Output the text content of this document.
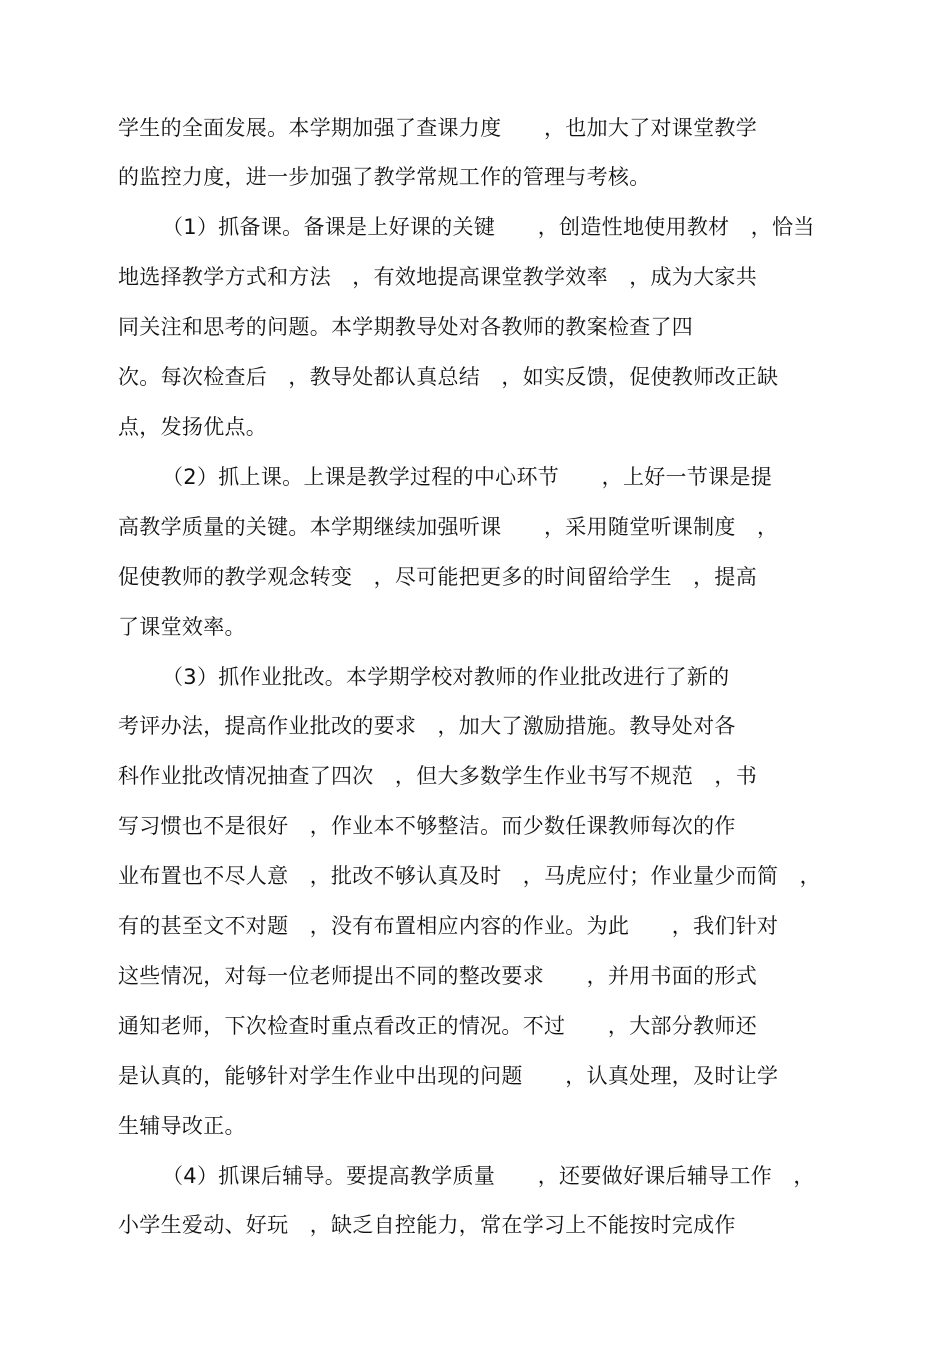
学生的全面发展。本学期加强了查课力度　　，也加大了对课堂教学
的监控力度，进一步加强了教学常规工作的管理与考核。
（1）抓备课。备课是上好课的关键　　，创造性地使用教材　，恰当
地选择教学方式和方法　，有效地提高课堂教学效率　，成为大家共
同关注和思考的问题。本学期教导处对各教师的教案检查了四
次。每次检查后　，教导处都认真总结　，如实反馈，促使教师改正缺
点，发扬优点。
（2）抓上课。上课是教学过程的中心环节　　，上好一节课是提
高教学质量的关键。本学期继续加强听课　　，采用随堂听课制度　，
促使教师的教学观念转变　，尽可能把更多的时间留给学生　，提高
了课堂效率。
（3）抓作业批改。本学期学校对教师的作业批改进行了新的
考评办法，提高作业批改的要求　，加大了激励措施。教导处对各
科作业批改情况抽查了四次　，但大多数学生作业书写不规范　，书
写习惯也不是很好　，作业本不够整洁。而少数任课教师每次的作
业布置也不尽人意　，批改不够认真及时　，马虎应付；作业量少而简　，
有的甚至文不对题　，没有布置相应内容的作业。为此　　，我们针对
这些情况，对每一位老师提出不同的整改要求　　，并用书面的形式
通知老师，下次检查时重点看改正的情况。不过　　，大部分教师还
是认真的，能够针对学生作业中出现的问题　　，认真处理，及时让学
生辅导改正。
（4）抓课后辅导。要提高教学质量　　，还要做好课后辅导工作　，
小学生爱动、好玩　，缺乏自控能力，常在学习上不能按时完成作
